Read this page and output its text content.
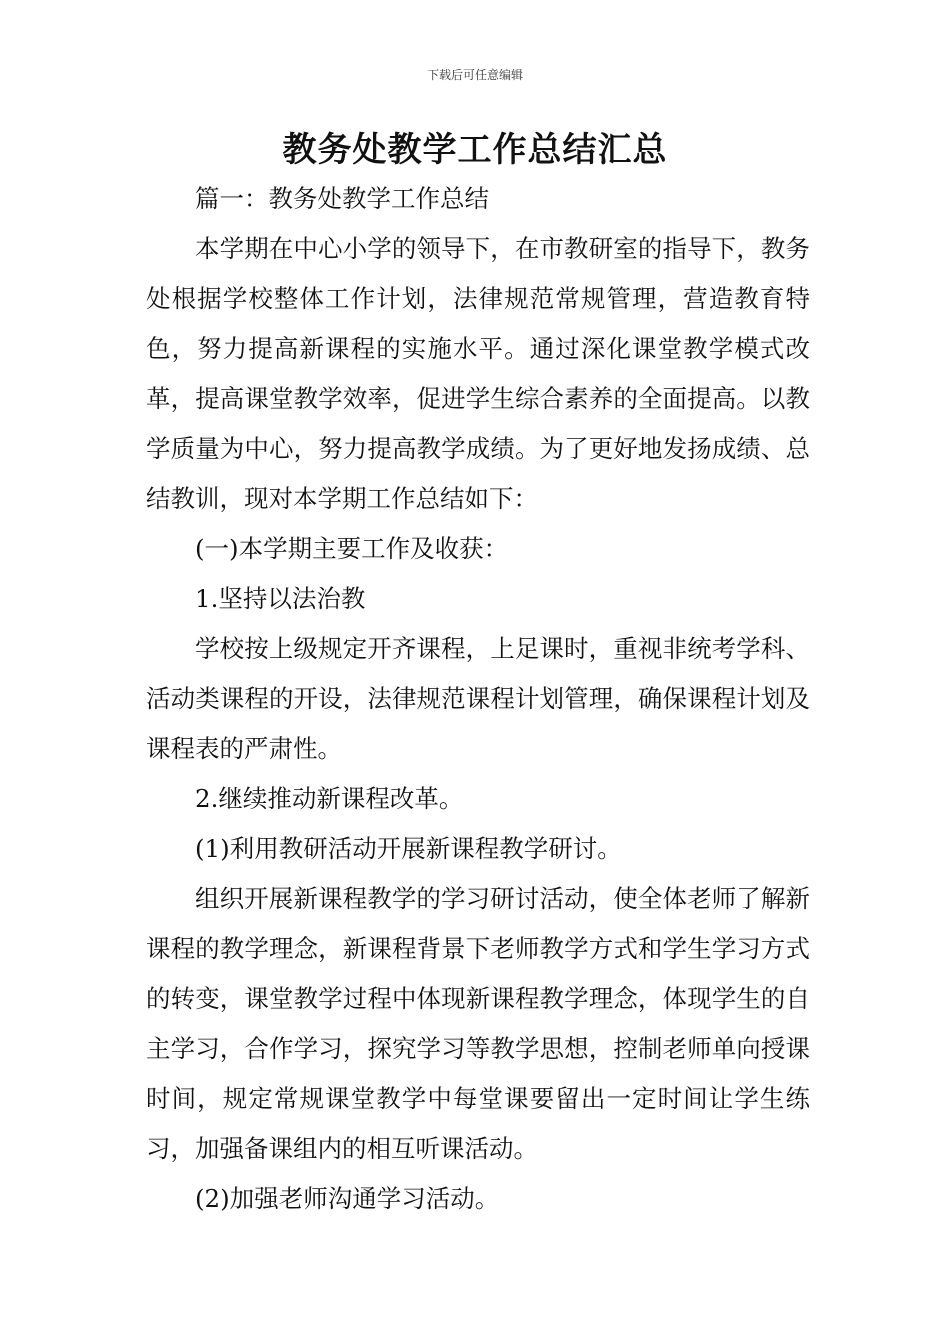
下载后可任意编辑
教务处教学工作总结汇总

篇一：教务处教学工作总结

本学期在中心小学的领导下，在市教研室的指导下，教务处根据学校整体工作计划，法律规范常规管理，营造教育特色，努力提高新课程的实施水平。通过深化课堂教学模式改革，提高课堂教学效率，促进学生综合素养的全面提高。以教学质量为中心，努力提高教学成绩。为了更好地发扬成绩、总结教训，现对本学期工作总结如下：

(一)本学期主要工作及收获：

1.坚持以法治教

学校按上级规定开齐课程，上足课时，重视非统考学科、活动类课程的开设，法律规范课程计划管理，确保课程计划及课程表的严肃性。

2.继续推动新课程改革。

(1)利用教研活动开展新课程教学研讨。

组织开展新课程教学的学习研讨活动，使全体老师了解新课程的教学理念，新课程背景下老师教学方式和学生学习方式的转变，课堂教学过程中体现新课程教学理念，体现学生的自主学习，合作学习，探究学习等教学思想，控制老师单向授课时间，规定常规课堂教学中每堂课要留出一定时间让学生练习，加强备课组内的相互听课活动。

(2)加强老师沟通学习活动。
